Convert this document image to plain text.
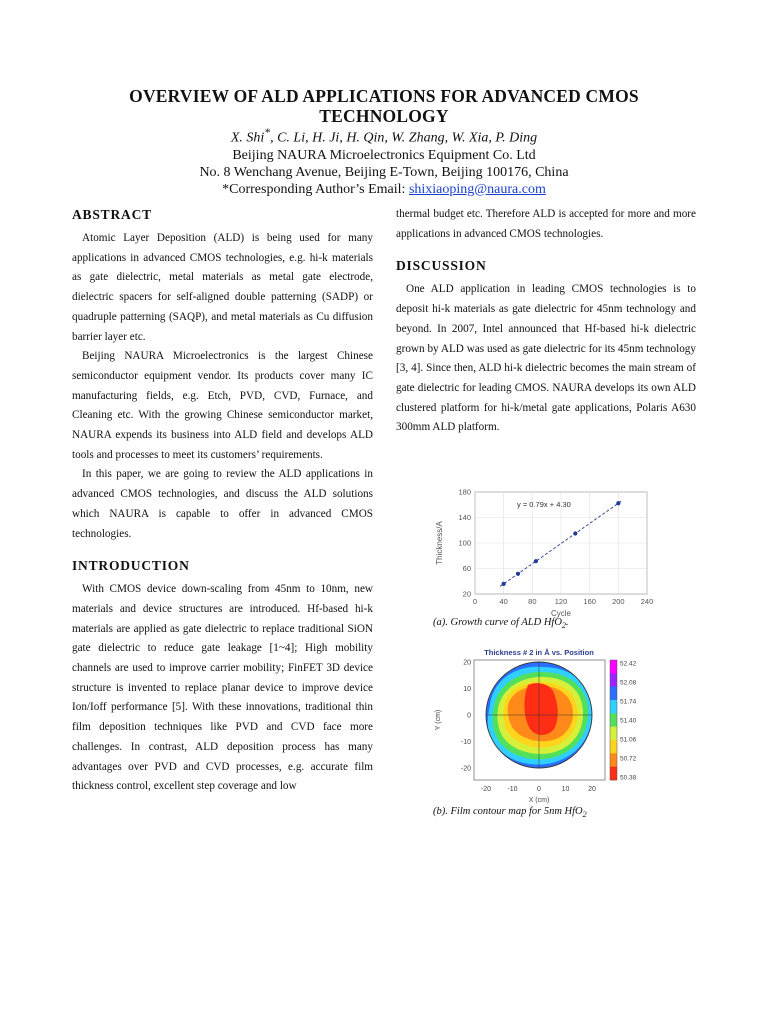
OVERVIEW OF ALD APPLICATIONS FOR ADVANCED CMOS
TECHNOLOGY
X. Shi*, C. Li, H. Ji, H. Qin, W. Zhang, W. Xia, P. Ding
Beijing NAURA Microelectronics Equipment Co. Ltd
No. 8 Wenchang Avenue, Beijing E-Town, Beijing 100176, China
*Corresponding Author’s Email: shixiaoping@naura.com
ABSTRACT

Atomic Layer Deposition (ALD) is being used for many applications in advanced CMOS technologies, e.g. hi-k materials as gate dielectric, metal materials as metal gate electrode, dielectric spacers for self-aligned double patterning (SADP) or quadruple patterning (SAQP), and metal materials as Cu diffusion barrier layer etc.

Beijing NAURA Microelectronics is the largest Chinese semiconductor equipment vendor. Its products cover many IC manufacturing fields, e.g. Etch, PVD, CVD, Furnace, and Cleaning etc. With the growing Chinese semiconductor market, NAURA expends its business into ALD field and develops ALD tools and processes to meet its customers’ requirements.

In this paper, we are going to review the ALD applications in advanced CMOS technologies, and discuss the ALD solutions which NAURA is capable to offer in advanced CMOS technologies.

INTRODUCTION

With CMOS device down-scaling from 45nm to 10nm, new materials and device structures are introduced. Hf-based hi-k materials are applied as gate dielectric to replace traditional SiON gate dielectric to reduce gate leakage [1~4]; High mobility channels are used to improve carrier mobility; FinFET 3D device structure is invented to replace planar device to improve device Ion/Ioff performance [5]. With these innovations, traditional thin film deposition techniques like PVD and CVD face more challenges. In contrast, ALD deposition process has many advantages over PVD and CVD processes, e.g. accurate film thickness control, excellent step coverage and low

thermal budget etc. Therefore ALD is accepted for more and more applications in advanced CMOS technologies.

DISCUSSION

One ALD application in leading CMOS technologies is to deposit hi-k materials as gate dielectric for 45nm technology and beyond. In 2007, Intel announced that Hf-based hi-k dielectric grown by ALD was used as gate dielectric for its 45nm technology [3, 4]. Since then, ALD hi-k dielectric becomes the main stream of gate dielectric for leading CMOS. NAURA develops its own ALD clustered platform for hi-k/metal gate applications, Polaris A630 300mm ALD platform.

0	40	80 120 160 200 240
180
140
100
60
20
y = 0.79x + 4.30
Cycle
Thickness/A
(a). Growth curve of ALD HfO$_2$.
Thickness # 2 in Å vs. Position
-20 -10	0	10	20
20
10
0
-10
-20
52.42
52.08
51.74
51.40
51.06
50.72
50.38
X (cm)
Y (cm)
(b). Film contour map for 5nm HfO$_2$
